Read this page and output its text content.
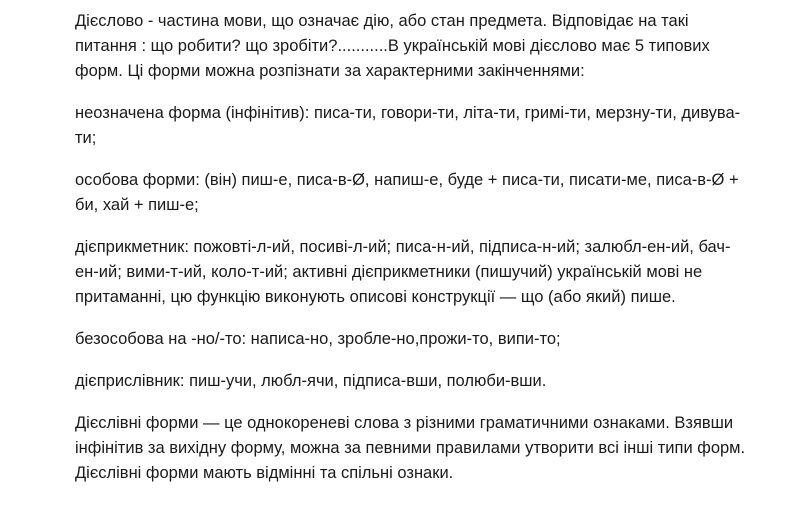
Дієслово - частина мови, що означає дію, або стан предмета. Відповідає на такі
питання : що робити? що зробіти?...........В українській мові дієслово має 5 типових
форм. Ці форми можна розпізнати за характерними закінченнями:

неозначена форма (інфінітив): писа-ти, говори-ти, літа-ти, гримі-ти, мерзну-ти, дивува-
ти;

особова форми: (він) пиш-е, писа-в-Ø, напиш-е, буде + писа-ти, писати-ме, писа-в-Ø +
би, хай + пиш-е;

дієприкметник: пожовті-л-ий, посиві-л-ий; писа-н-ий, підписа-н-ий; залюбл-ен-ий, бач-
ен-ий; вими-т-ий, коло-т-ий; активні дієприкметники (пишучий) українській мові не
притаманні, цю функцію виконують описові конструкції — що (або який) пише.

безособова на -но/-то: написа-но, зробле-но,прожи-то, випи-то;

дієприслівник: пиш-учи, любл-ячи, підписа-вши, полюби-вши.

Дієслівні форми — це однокореневі слова з різними граматичними ознаками. Взявши
інфінітив за вихідну форму, можна за певними правилами утворити всі інші типи форм.
Дієслівні форми мають відмінні та спільні ознаки.
